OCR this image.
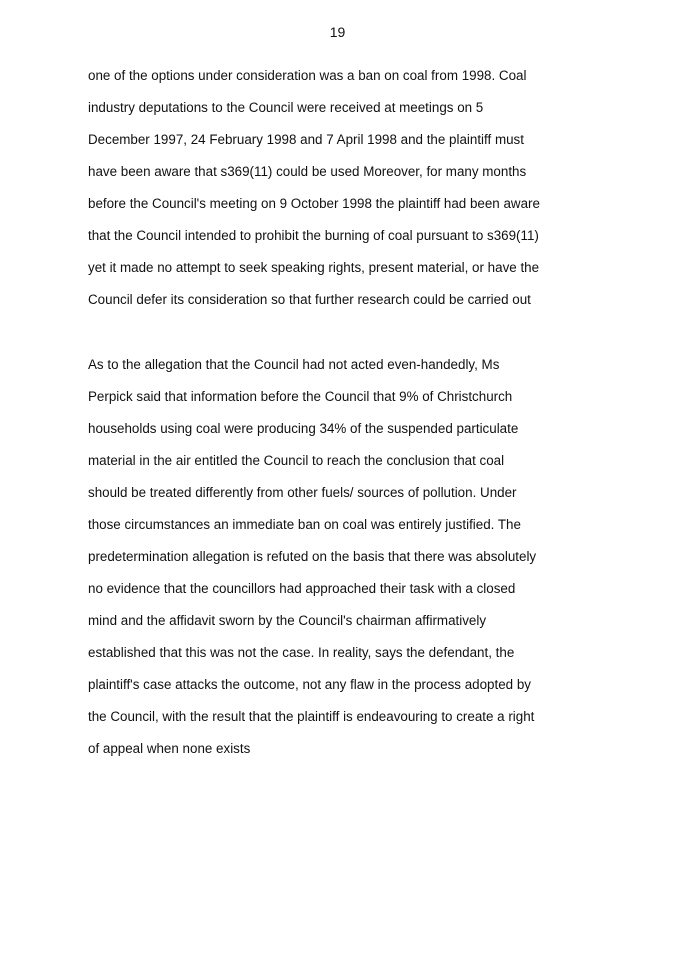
19
one of the options under consideration was a ban on coal from 1998. Coal
industry deputations to the Council were received at meetings on 5
December 1997, 24 February 1998 and 7 April 1998 and the plaintiff must
have been aware that s369(11) could be used Moreover, for many months
before the Council's meeting on 9 October 1998 the plaintiff had been aware
that the Council intended to prohibit the burning of coal pursuant to s369(11)
yet it made no attempt to seek speaking rights, present material, or have the
Council defer its consideration so that further research could be carried out
As to the allegation that the Council had not acted even-handedly, Ms
Perpick said that information before the Council that 9% of Christchurch
households using coal were producing 34% of the suspended particulate
material in the air entitled the Council to reach the conclusion that coal
should be treated differently from other fuels/ sources of pollution. Under
those circumstances an immediate ban on coal was entirely justified. The
predetermination allegation is refuted on the basis that there was absolutely
no evidence that the councillors had approached their task with a closed
mind and the affidavit sworn by the Council's chairman affirmatively
established that this was not the case. In reality, says the defendant, the
plaintiff's case attacks the outcome, not any flaw in the process adopted by
the Council, with the result that the plaintiff is endeavouring to create a right
of appeal when none exists
